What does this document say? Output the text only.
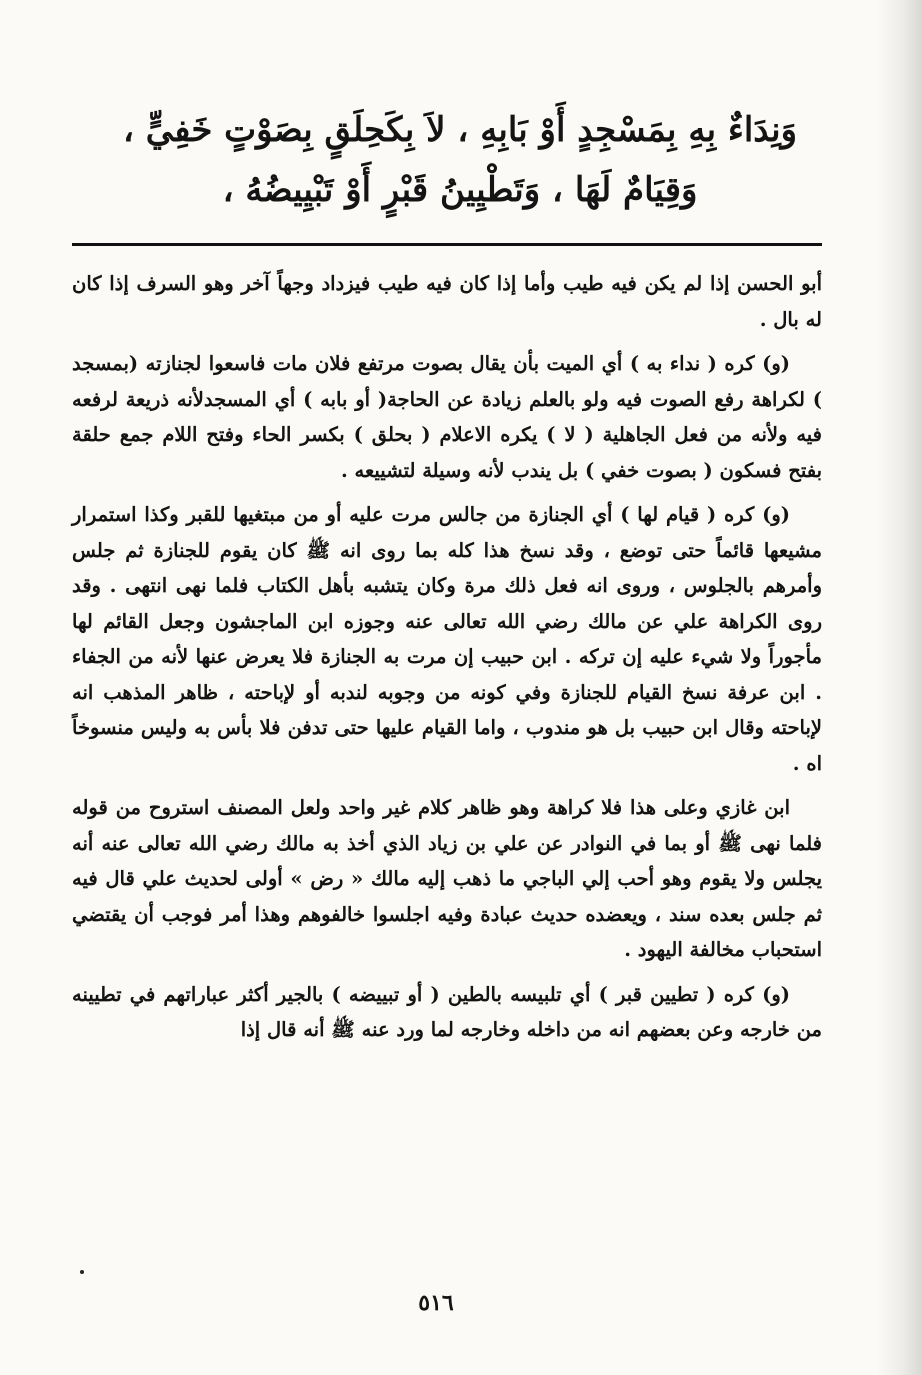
وَنِدَاءٌ بِهِ بِمَسْجِدٍ أَوْ بَابِهِ ، لاَ بِكَحِلَقٍ بِصَوْتٍ خَفِيٍّ ،
وَقِيَامٌ لَهَا ، وَتَطْيِينُ قَبْرٍ أَوْ تَبْيِيضُهُ ،

أبو الحسن إذا لم يكن فيه طيب وأما إذا كان فيه طيب فيزداد وجهاً آخر وهو السرف إذا كان له بال .

(و) كره ( نداء به ) أي الميت بأن يقال بصوت مرتفع فلان مات فاسعوا لجنازته (بمسجد ) لكراهة رفع الصوت فيه ولو بالعلم زيادة عن الحاجة( أو بابه ) أي المسجدلأنه ذريعة لرفعه فيه ولأنه من فعل الجاهلية ( لا ) يكره الاعلام ( بحلق ) بكسر الحاء وفتح اللام جمع حلقة بفتح فسكون ( بصوت خفي ) بل يندب لأنه وسيلة لتشييعه .

(و) كره ( قيام لها ) أي الجنازة من جالس مرت عليه أو من مبتغيها للقبر وكذا استمرار مشيعها قائماً حتى توضع ، وقد نسخ هذا كله بما روى انه ﷺ كان يقوم للجنازة ثم جلس وأمرهم بالجلوس ، وروى انه فعل ذلك مرة وكان يتشبه بأهل الكتاب فلما نهى انتهى . وقد روى الكراهة علي عن مالك رضي الله تعالى عنه وجوزه ابن الماجشون وجعل القائم لها مأجوراً ولا شيء عليه إن تركه . ابن حبيب إن مرت به الجنازة فلا يعرض عنها لأنه من الجفاء . ابن عرفة نسخ القيام للجنازة وفي كونه من وجوبه لندبه أو لإباحته ، ظاهر المذهب انه لإباحته وقال ابن حبيب بل هو مندوب ، واما القيام عليها حتى تدفن فلا بأس به وليس منسوخاً اه .

ابن غازي وعلى هذا فلا كراهة وهو ظاهر كلام غير واحد ولعل المصنف استروح من قوله فلما نهى ﷺ أو بما في النوادر عن علي بن زياد الذي أخذ به مالك رضي الله تعالى عنه أنه يجلس ولا يقوم وهو أحب إلي الباجي ما ذهب إليه مالك « رض » أولى لحديث علي قال فيه ثم جلس بعده سند ، ويعضده حديث عبادة وفيه اجلسوا خالفوهم وهذا أمر فوجب أن يقتضي استحباب مخالفة اليهود .

(و) كره ( تطيين قبر ) أي تلبيسه بالطين ( أو تبييضه ) بالجير أكثر عباراتهم في تطيينه من خارجه وعن بعضهم انه من داخله وخارجه لما ورد عنه ﷺ أنه قال إذا

٥١٦
